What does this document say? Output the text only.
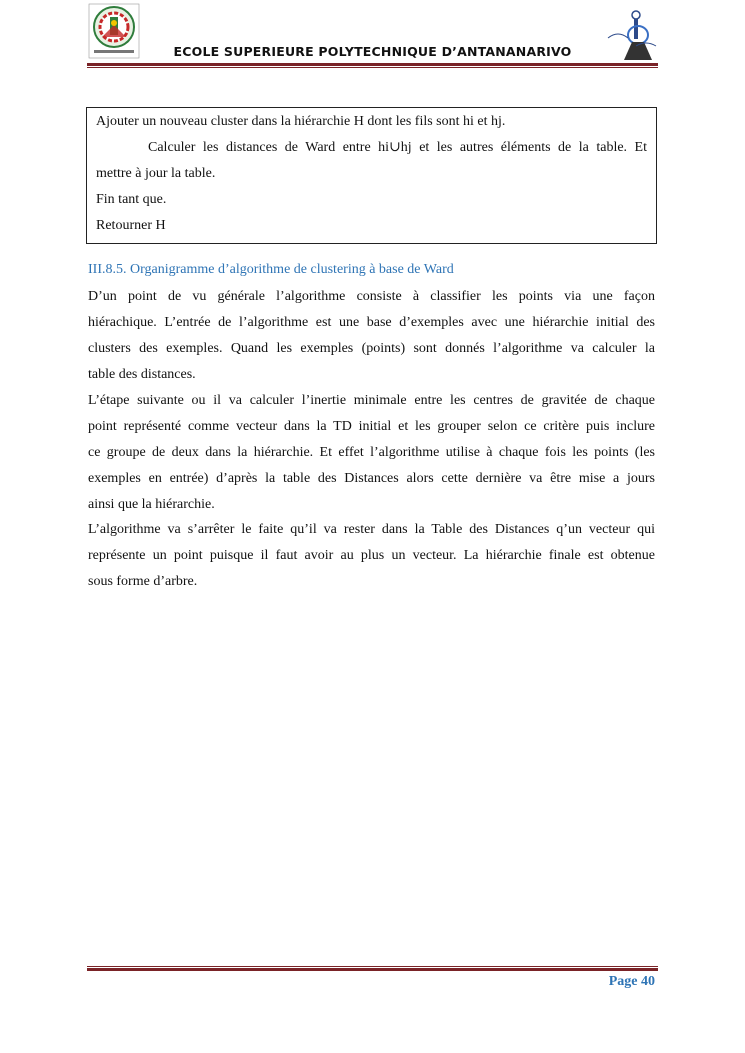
ECOLE SUPERIEURE POLYTECHNIQUE D’ANTANANARIVO
Ajouter un nouveau cluster dans la hiérarchie H dont les fils sont hi et hj.
Calculer les distances de Ward entre hi∪hj et les autres éléments de la table. Et
mettre à jour la table.
Fin tant que.
Retourner H
III.8.5. Organigramme d’algorithme de clustering à base de Ward
D’un point de vu générale l’algorithme consiste à classifier les points via une façon
hiérachique. L’entrée de l’algorithme est une base d’exemples avec une hiérarchie initial des
clusters des exemples. Quand les exemples (points) sont donnés l’algorithme va calculer la
table des distances.
L’étape suivante ou il va calculer l’inertie minimale entre les centres de gravitée de chaque
point représenté comme vecteur dans la TD initial et les grouper selon ce critère puis inclure
ce groupe de deux dans la hiérarchie. Et effet l’algorithme utilise à chaque fois les points (les
exemples en entrée) d’après la table des Distances alors cette dernière va être mise a jours
ainsi que la hiérarchie.
L’algorithme va s’arrêter le faite qu’il va rester dans la Table des Distances q’un vecteur qui
représente un point puisque il faut avoir au plus un vecteur. La hiérarchie finale est obtenue
sous forme d’arbre.
Page 40
